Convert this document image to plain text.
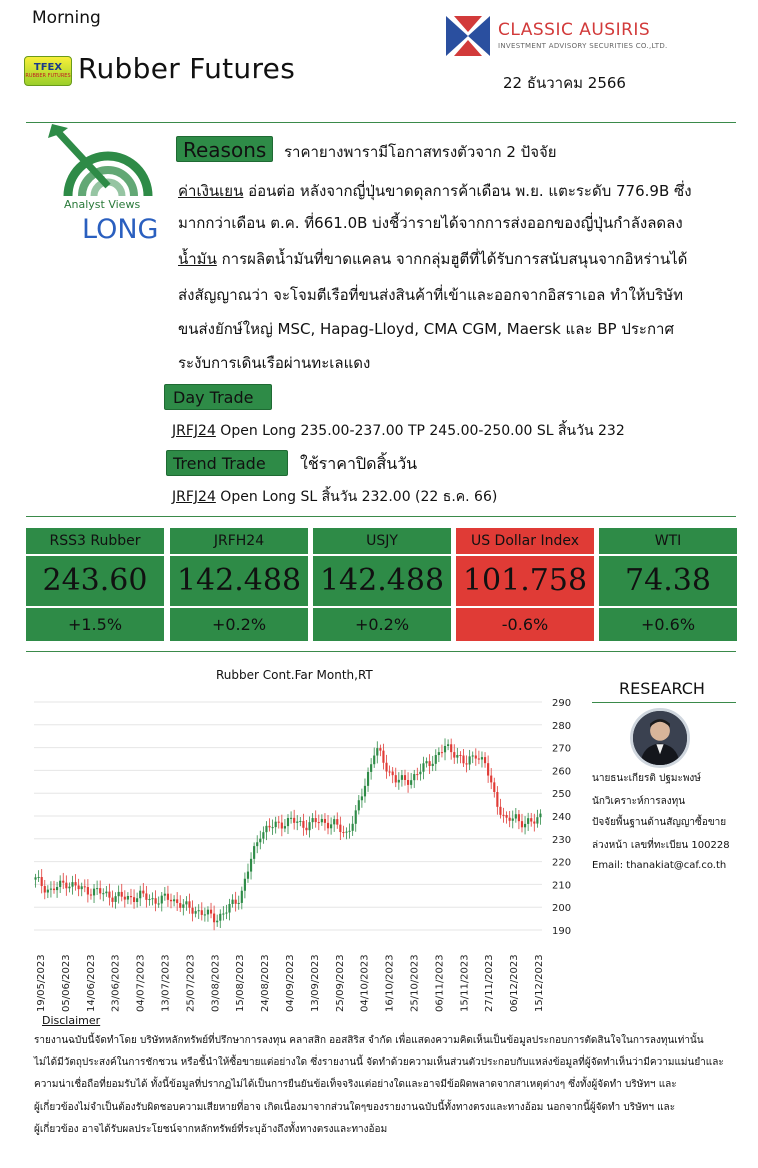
Morning
TFEX
RUBBER FUTURES Rubber Futures
CLASSIC AUSIRIS
INVESTMENT ADVISORY SECURITIES CO.,LTD.
22 ธันวาคม 2566
Analyst Views
LONG
Reasons	ราคายางพารามีโอกาสทรงตัวจาก 2 ปัจจัย
ค่าเงินเยน อ่อนต่อ หลังจากญี่ปุ่นขาดดุลการค้าเดือน พ.ย. แตะระดับ 776.9B ซึ่ง
มากกว่าเดือน ต.ค. ที่661.0B บ่งชี้ว่ารายได้จากการส่งออกของญี่ปุ่นกำลังลดลง
น้ำมัน การผลิตน้ำมันที่ขาดแคลน จากกลุ่มฮูตีที่ได้รับการสนับสนุนจากอิหร่านได้
ส่งสัญญาณว่า จะโจมตีเรือที่ขนส่งสินค้าที่เข้าและออกจากอิสราเอล ทำให้บริษัท
ขนส่งยักษ์ใหญ่ MSC, Hapag-Lloyd, CMA CGM, Maersk และ BP ประกาศ
ระงับการเดินเรือผ่านทะเลแดง
Day Trade
JRFJ24 Open Long 235.00-237.00 TP 245.00-250.00 SL สิ้นวัน 232
Trend Trade	ใช้ราคาปิดสิ้นวัน
JRFJ24 Open Long SL สิ้นวัน 232.00 (22 ธ.ค. 66)
RSS3 Rubber
243.60
+1.5%
JRFH24
142.488
+0.2%
USJY
142.488
+0.2%
US Dollar Index
101.758
-0.6%
WTI
74.38
+0.6%
Rubber Cont.Far Month,RT
190
200
210
220
230
240
250
260
270
280
290
19/05/2023 05/06/2023 14/06/2023 23/06/2023 04/07/2023 13/07/2023 25/07/2023 03/08/2023 15/08/2023 24/08/2023 04/09/2023 13/09/2023 25/09/2023 04/10/2023 16/10/2023 25/10/2023 06/11/2023 15/11/2023 27/11/2023 06/12/2023 15/12/2023
RESEARCH
นายธนะเกียรติ ปฐมะพงษ์
นักวิเคราะห์การลงทุน
ปัจจัยพื้นฐานด้านสัญญาซื้อขาย
ล่วงหน้า เลขที่ทะเบียน 100228
Email: thanakiat@caf.co.th
Disclaimer
รายงานฉบับนี้จัดทำโดย บริษัทหลักทรัพย์ที่ปรึกษาการลงทุน คลาสสิก ออสสิริส จำกัด เพื่อแสดงความคิดเห็นเป็นข้อมูลประกอบการตัดสินใจในการลงทุนเท่านั้น
ไม่ได้มีวัตถุประสงค์ในการชักชวน หรือชี้นำให้ซื้อขายแต่อย่างใด ซึ่งรายงานนี้ จัดทำด้วยความเห็นส่วนตัวประกอบกับแหล่งข้อมูลที่ผู้จัดทำเห็นว่ามีความแม่นยำและ
ความน่าเชื่อถือที่ยอมรับได้ ทั้งนี้ข้อมูลที่ปรากฏไม่ได้เป็นการยืนยันข้อเท็จจริงแต่อย่างใดและอาจมีข้อผิดพลาดจากสาเหตุต่างๆ ซึ่งทั้งผู้จัดทำ บริษัทฯ และ
ผู้เกี่ยวข้องไม่จำเป็นต้องรับผิดชอบความเสียหายที่อาจ เกิดเนื่องมาจากส่วนใดๆของรายงานฉบับนี้ทั้งทางตรงและทางอ้อม นอกจากนี้ผู้จัดทำ บริษัทฯ และ
ผู้เกี่ยวข้อง อาจได้รับผลประโยชน์จากหลักทรัพย์ที่ระบุอ้างถึงทั้งทางตรงและทางอ้อม
